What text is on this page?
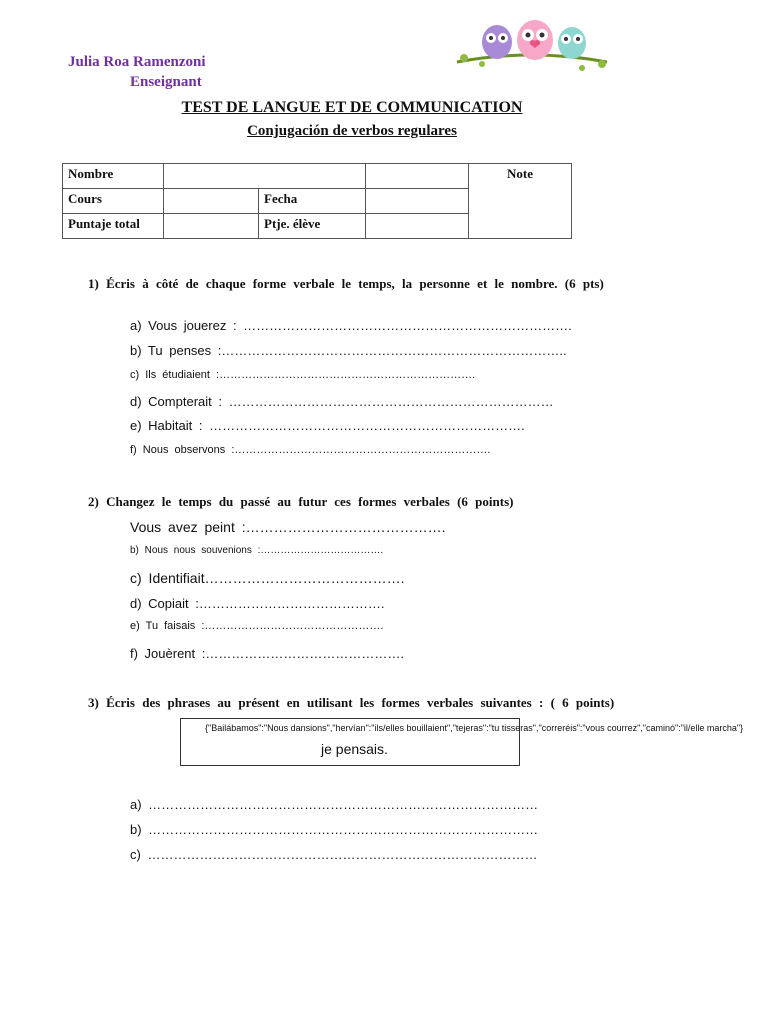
Julia Roa Ramenzoni
Enseignant
TEST DE LANGUE ET DE COMMUNICATION
Conjugación de verbos regulares
Nombre				Note

Cours		Fecha		
Puntaje total		Ptje. élève		
1) Écris à côté de chaque forme verbale le temps, la personne et le nombre. (6 pts)
a) Vous jouerez : ………………………………………………………………….
b) Tu penses :……………………………………………………………………..
c) Ils étudiaient :…………………………………………………………….
d) Compterait : …………………………………………………………………
e) Habitait : ……………………………………………………………….
f) Nous observons :…………………………………………………………….
2) Changez le temps du passé au futur ces formes verbales (6 points)
Vous avez peint :…………………………………….
b) Nous nous souvenions :……………………………….
c) Identifiait…………………………………….
d) Copiait :…………………………………….
e) Tu faisais :………………………………………….
f) Jouèrent :……………………………………….
3) Écris des phrases au présent en utilisant les formes verbales suivantes : ( 6 points)
{"Bailábamos":"Nous dansions","hervían":"ils/elles bouillaient","tejeras":"tu tisseras","correréis":"vous courrez","caminó":"il/elle marcha"}
je pensais.
a) ………………………………………………………………………………
b) ………………………………………………………………………………
c) ………………………………………………………………………………
